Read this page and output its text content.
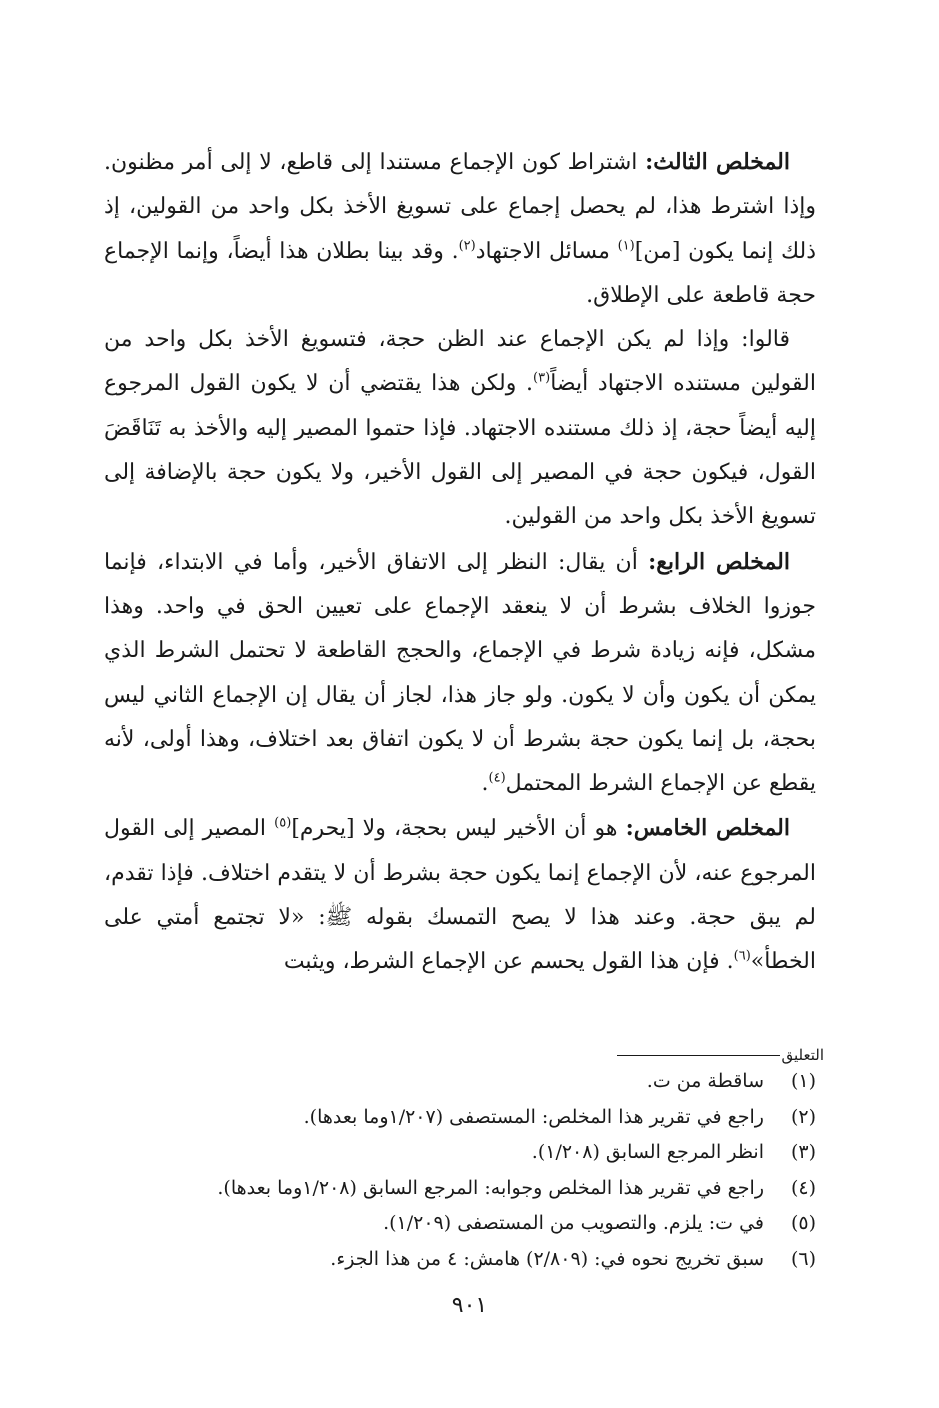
المخلص الثالث: اشتراط كون الإجماع مستندا إلى قاطع، لا إلى أمر مظنون. وإذا اشترط هذا، لم يحصل إجماع على تسويغ الأخذ بكل واحد من القولين، إذ ذلك إنما يكون [من]$^{(١)}$ مسائل الاجتهاد$^{(٢)}$. وقد بينا بطلان هذا أيضاً، وإنما الإجماع حجة قاطعة على الإطلاق.

قالوا: وإذا لم يكن الإجماع عند الظن حجة، فتسويغ الأخذ بكل واحد من القولين مستنده الاجتهاد أيضاً$^{(٣)}$. ولكن هذا يقتضي أن لا يكون القول المرجوع إليه أيضاً حجة، إذ ذلك مستنده الاجتهاد. فإذا حتموا المصير إليه والأخذ به تَنَاقَضَ القول، فيكون حجة في المصير إلى القول الأخير، ولا يكون حجة بالإضافة إلى تسويغ الأخذ بكل واحد من القولين.

المخلص الرابع: أن يقال: النظر إلى الاتفاق الأخير، وأما في الابتداء، فإنما جوزوا الخلاف بشرط أن لا ينعقد الإجماع على تعيين الحق في واحد. وهذا مشكل، فإنه زيادة شرط في الإجماع، والحجج القاطعة لا تحتمل الشرط الذي يمكن أن يكون وأن لا يكون. ولو جاز هذا، لجاز أن يقال إن الإجماع الثاني ليس بحجة، بل إنما يكون حجة بشرط أن لا يكون اتفاق بعد اختلاف، وهذا أولى، لأنه يقطع عن الإجماع الشرط المحتمل$^{(٤)}$.

المخلص الخامس: هو أن الأخير ليس بحجة، ولا [يحرم]$^{(٥)}$ المصير إلى القول المرجوع عنه، لأن الإجماع إنما يكون حجة بشرط أن لا يتقدم اختلاف. فإذا تقدم، لم يبق حجة. وعند هذا لا يصح التمسك بقوله ﷺ: «لا تجتمع أمتي على الخطأ»$^{(٦)}$. فإن هذا القول يحسم عن الإجماع الشرط، ويثبت

التعليق
(١)
ساقطة من ت.
(٢)
راجع في تقرير هذا المخلص: المستصفى (١/٢٠٧وما بعدها).
(٣)
انظر المرجع السابق (١/٢٠٨).
(٤)
راجع في تقرير هذا المخلص وجوابه: المرجع السابق (١/٢٠٨وما بعدها).
(٥)
في ت: يلزم. والتصويب من المستصفى (١/٢٠٩).
(٦)
سبق تخريج نحوه في: (٢/٨٠٩) هامش: ٤ من هذا الجزء.
٩٠١
